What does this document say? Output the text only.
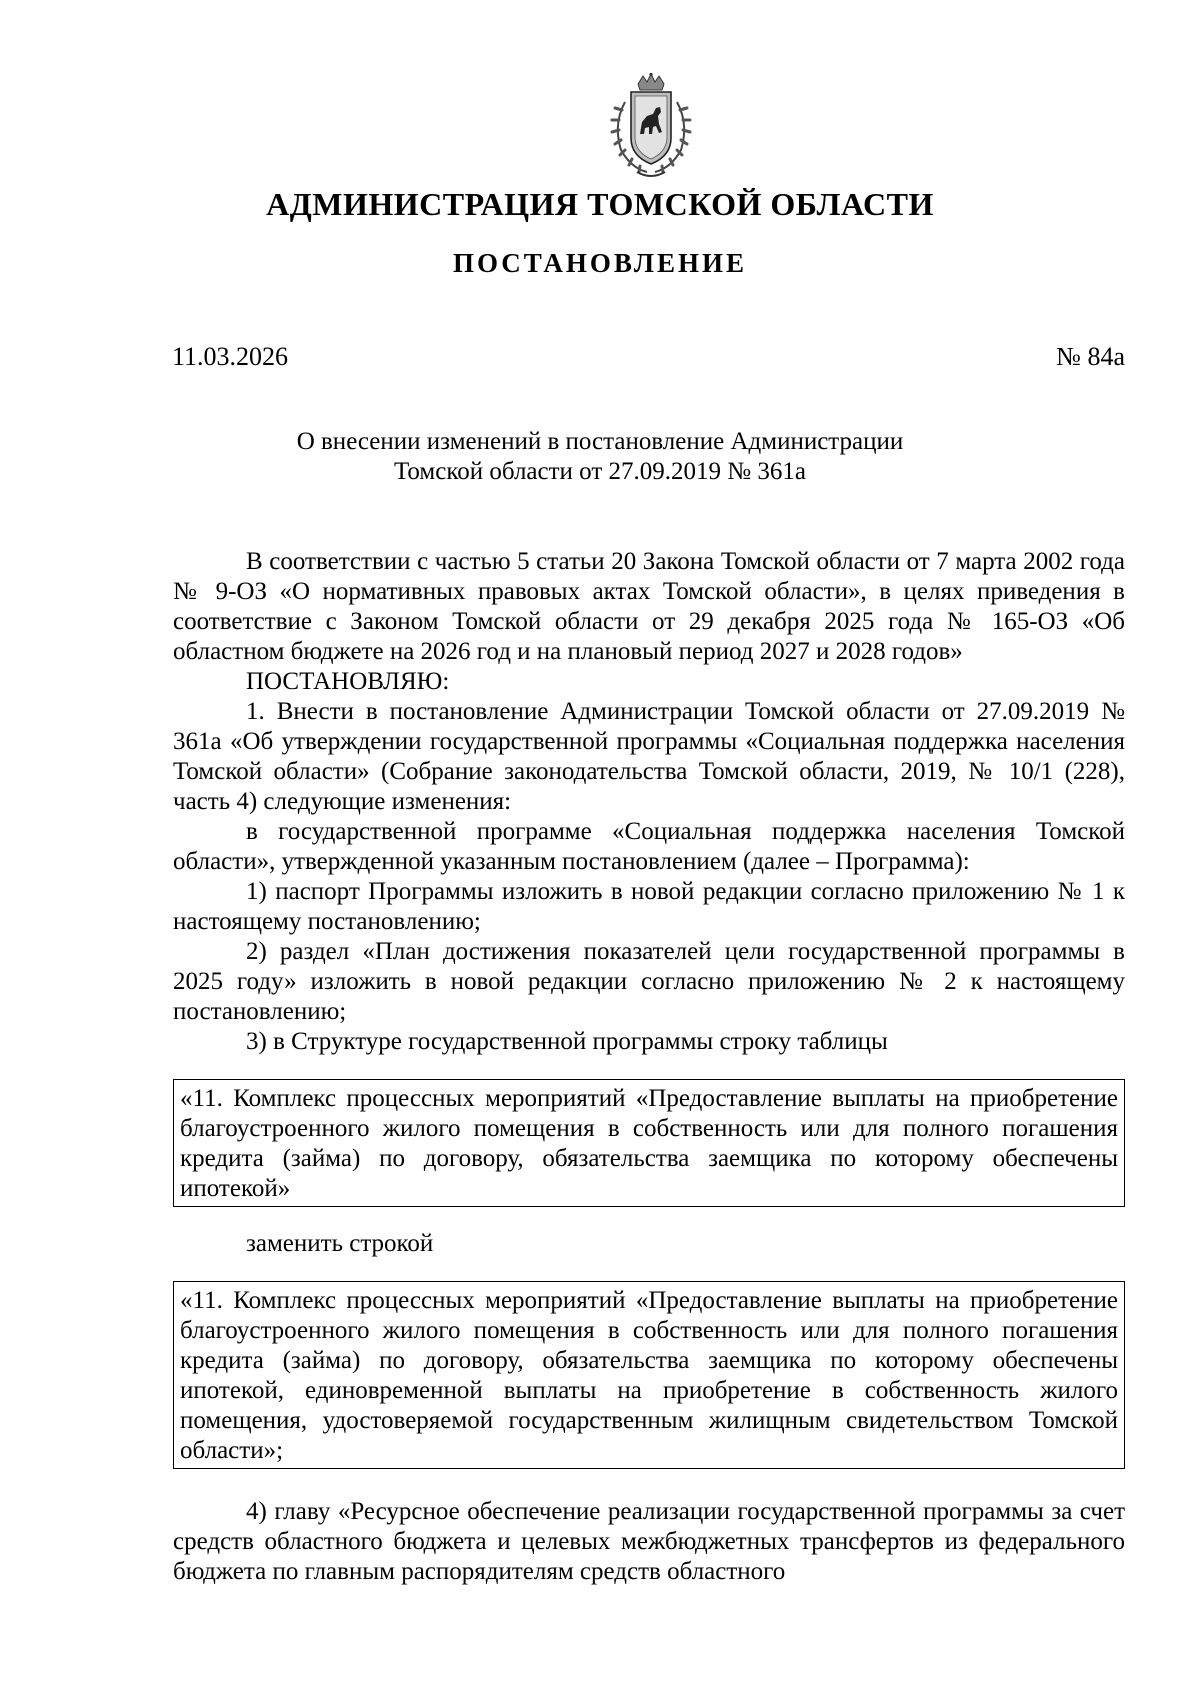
АДМИНИСТРАЦИЯ ТОМСКОЙ ОБЛАСТИ
ПОСТАНОВЛЕНИЕ
11.03.2026	№ 84а
О внесении изменений в постановление Администрации
Томской области от 27.09.2019 № 361а

В соответствии с частью 5 статьи 20 Закона Томской области от 7 марта 2002 года № 9-ОЗ «О нормативных правовых актах Томской области», в целях приведения в соответствие с Законом Томской области от 29 декабря 2025 года № 165-ОЗ «Об областном бюджете на 2026 год и на плановый период 2027 и 2028 годов»

ПОСТАНОВЛЯЮ:

1. Внести в постановление Администрации Томской области от 27.09.2019 № 361а «Об утверждении государственной программы «Социальная поддержка населения Томской области» (Собрание законодательства Томской области, 2019, № 10/1 (228), часть 4) следующие изменения:

в государственной программе «Социальная поддержка населения Томской области», утвержденной указанным постановлением (далее – Программа):

1) паспорт Программы изложить в новой редакции согласно приложению № 1 к настоящему постановлению;

2) раздел «План достижения показателей цели государственной программы в 2025 году» изложить в новой редакции согласно приложению № 2 к настоящему постановлению;

3) в Структуре государственной программы строку таблицы

«11. Комплекс процессных мероприятий «Предоставление выплаты на приобретение благоустроенного жилого помещения в собственность или для полного погашения кредита (займа) по договору, обязательства заемщика по которому обеспечены ипотекой»

заменить строкой

«11. Комплекс процессных мероприятий «Предоставление выплаты на приобретение благоустроенного жилого помещения в собственность или для полного погашения кредита (займа) по договору, обязательства заемщика по которому обеспечены ипотекой, единовременной выплаты на приобретение в собственность жилого помещения, удостоверяемой государственным жилищным свидетельством Томской области»;

4) главу «Ресурсное обеспечение реализации государственной программы за счет средств областного бюджета и целевых межбюджетных трансфертов из федерального бюджета по главным распорядителям средств областного
